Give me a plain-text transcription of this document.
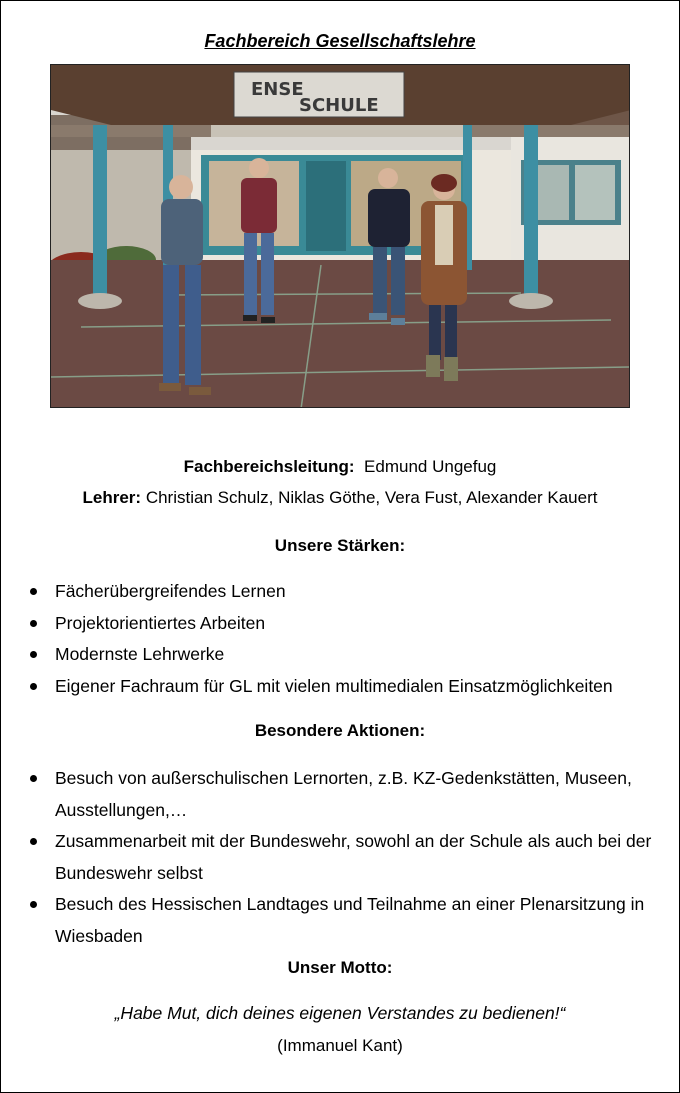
Fachbereich Gesellschaftslehre
ENSE
SCHULE
Fachbereichsleitung: Edmund Ungefug
Lehrer: Christian Schulz, Niklas Göthe, Vera Fust, Alexander Kauert
Unsere Stärken:
Fächerübergreifendes Lernen
Projektorientiertes Arbeiten
Modernste Lehrwerke
Eigener Fachraum für GL mit vielen multimedialen Einsatzmöglichkeiten
Besondere Aktionen:
Besuch von außerschulischen Lernorten, z.B. KZ-Gedenkstätten, Museen, Ausstellungen,…
Zusammenarbeit mit der Bundeswehr, sowohl an der Schule als auch bei der Bundeswehr selbst
Besuch des Hessischen Landtages und Teilnahme an einer Plenarsitzung in Wiesbaden
Unser Motto:
„Habe Mut, dich deines eigenen Verstandes zu bedienen!“
(Immanuel Kant)
